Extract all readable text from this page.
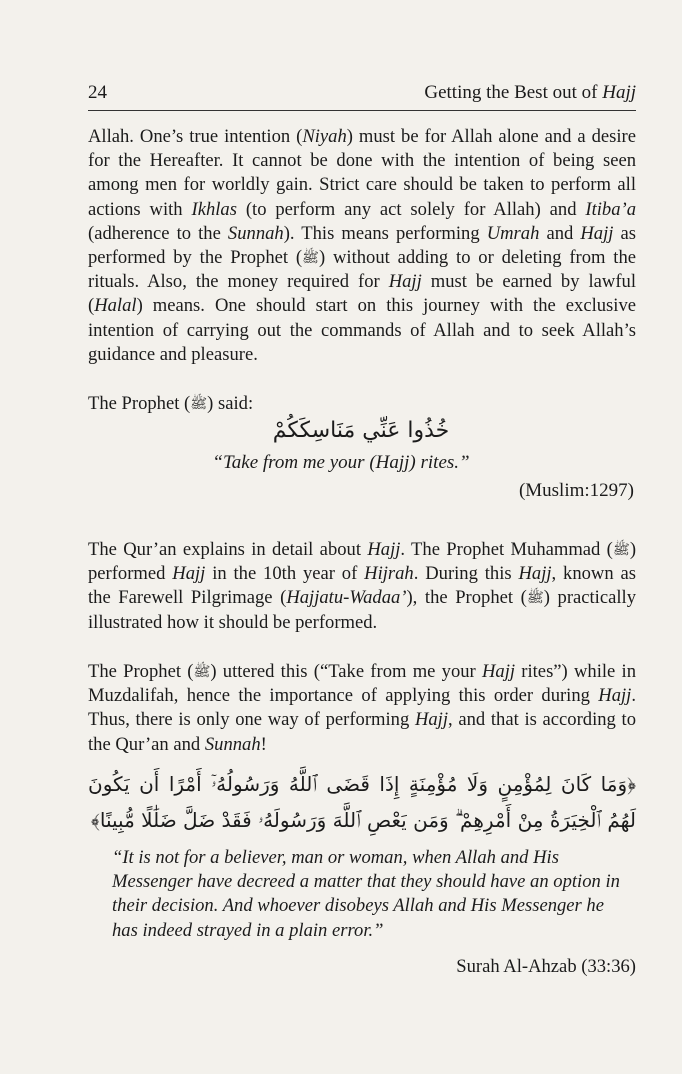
24	Getting the Best out of Hajj

Allah. One’s true intention (Niyah) must be for Allah alone and a desire for the Hereafter. It cannot be done with the intention of being seen among men for worldly gain. Strict care should be taken to perform all actions with Ikhlas (to perform any act solely for Allah) and Itiba’a (adherence to the Sunnah). This means performing Umrah and Hajj as performed by the Prophet (ﷺ) without adding to or deleting from the rituals. Also, the money required for Hajj must be earned by lawful (Halal) means. One should start on this journey with the exclusive intention of carrying out the commands of Allah and to seek Allah’s guidance and pleasure.

The Prophet (ﷺ) said:

خُذُوا عَنِّي مَنَاسِكَكُمْ
“Take from me your (Hajj) rites.”
(Muslim:1297)

The Qur’an explains in detail about Hajj. The Prophet Muhammad (ﷺ) performed Hajj in the 10th year of Hijrah. During this Hajj, known as the Farewell Pilgrimage (Hajjatu-Wadaa’), the Prophet (ﷺ) practically illustrated how it should be performed.

The Prophet (ﷺ) uttered this (“Take from me your Hajj rites”) while in Muzdalifah, hence the importance of applying this order during Hajj. Thus, there is only one way of performing Hajj, and that is according to the Qur’an and Sunnah!

﴿وَمَا كَانَ لِمُؤْمِنٍ وَلَا مُؤْمِنَةٍ إِذَا قَضَى ٱللَّهُ وَرَسُولُهُۥٓ أَمْرًا أَن يَكُونَ لَهُمُ ٱلْخِيَرَةُ مِنْ أَمْرِهِمْ ۗ وَمَن يَعْصِ ٱللَّهَ وَرَسُولَهُۥ فَقَدْ ضَلَّ ضَلَٰلًا مُّبِينًا﴾
“It is not for a believer, man or woman, when Allah and His Messenger have decreed a matter that they should have an option in their decision. And whoever disobeys Allah and His Messenger he has indeed strayed in a plain error.”
Surah Al-Ahzab (33:36)
